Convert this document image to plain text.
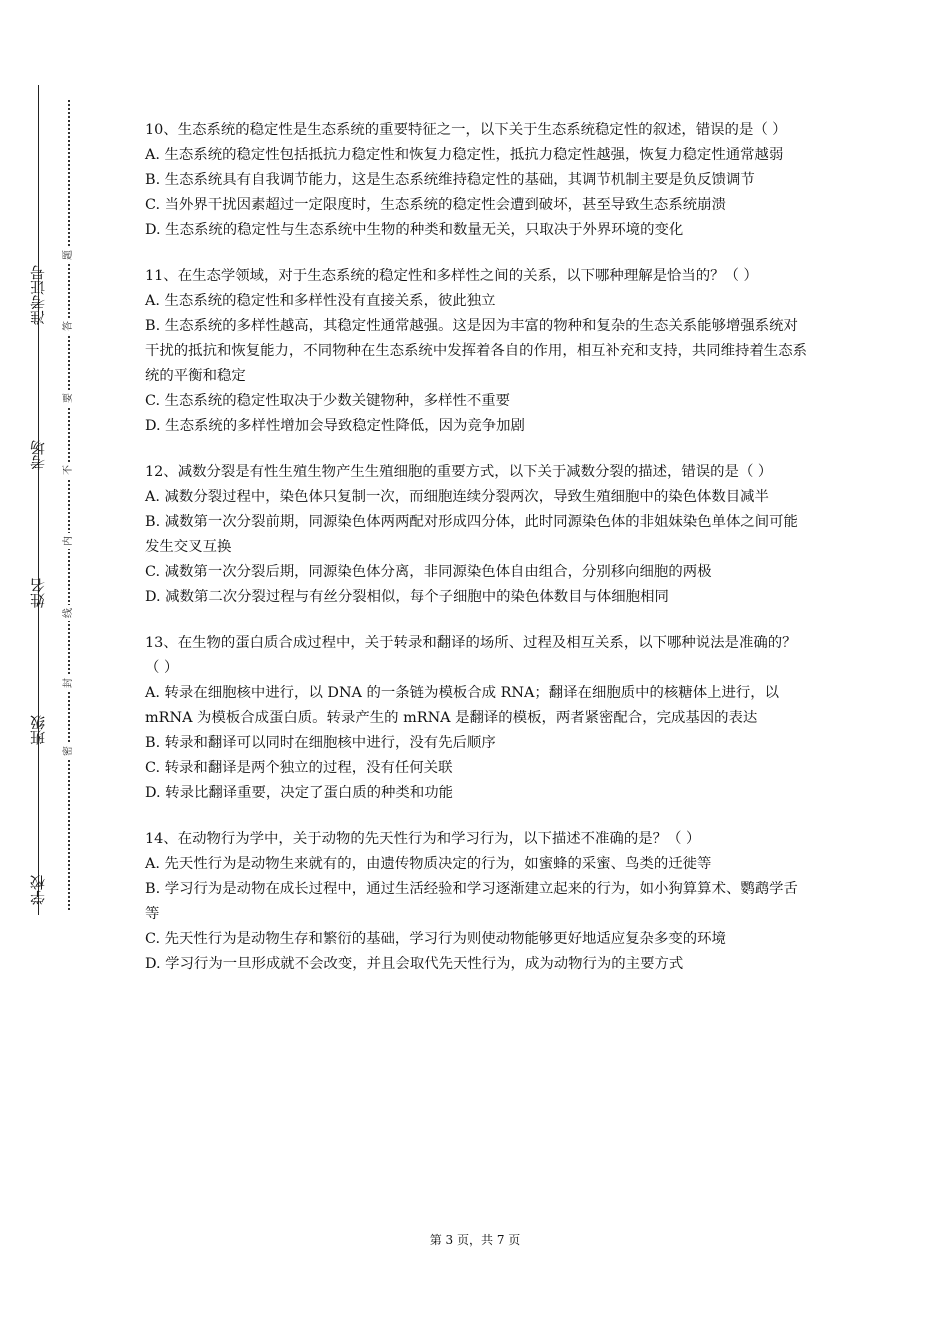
学校
班级
姓名
考场
准考证号
密
封
线
内
不
要
答
题

10、生态系统的稳定性是生态系统的重要特征之一，以下关于生态系统稳定性的叙述，错误的是（ ）

A. 生态系统的稳定性包括抵抗力稳定性和恢复力稳定性，抵抗力稳定性越强，恢复力稳定性通常越弱

B. 生态系统具有自我调节能力，这是生态系统维持稳定性的基础，其调节机制主要是负反馈调节

C. 当外界干扰因素超过一定限度时，生态系统的稳定性会遭到破坏，甚至导致生态系统崩溃

D. 生态系统的稳定性与生态系统中生物的种类和数量无关，只取决于外界环境的变化

11、在生态学领域，对于生态系统的稳定性和多样性之间的关系，以下哪种理解是恰当的？（ ）

A. 生态系统的稳定性和多样性没有直接关系，彼此独立

B. 生态系统的多样性越高，其稳定性通常越强。这是因为丰富的物种和复杂的生态关系能够增强系统对干扰的抵抗和恢复能力，不同物种在生态系统中发挥着各自的作用，相互补充和支持，共同维持着生态系统的平衡和稳定

C. 生态系统的稳定性取决于少数关键物种，多样性不重要

D. 生态系统的多样性增加会导致稳定性降低，因为竞争加剧

12、减数分裂是有性生殖生物产生生殖细胞的重要方式，以下关于减数分裂的描述，错误的是（ ）

A. 减数分裂过程中，染色体只复制一次，而细胞连续分裂两次，导致生殖细胞中的染色体数目减半

B. 减数第一次分裂前期，同源染色体两两配对形成四分体，此时同源染色体的非姐妹染色单体之间可能发生交叉互换

C. 减数第一次分裂后期，同源染色体分离，非同源染色体自由组合，分别移向细胞的两极

D. 减数第二次分裂过程与有丝分裂相似，每个子细胞中的染色体数目与体细胞相同

13、在生物的蛋白质合成过程中，关于转录和翻译的场所、过程及相互关系，以下哪种说法是准确的？（ ）

A. 转录在细胞核中进行，以 DNA 的一条链为模板合成 RNA；翻译在细胞质中的核糖体上进行，以 mRNA 为模板合成蛋白质。转录产生的 mRNA 是翻译的模板，两者紧密配合，完成基因的表达

B. 转录和翻译可以同时在细胞核中进行，没有先后顺序

C. 转录和翻译是两个独立的过程，没有任何关联

D. 转录比翻译重要，决定了蛋白质的种类和功能

14、在动物行为学中，关于动物的先天性行为和学习行为，以下描述不准确的是？（ ）

A. 先天性行为是动物生来就有的，由遗传物质决定的行为，如蜜蜂的采蜜、鸟类的迁徙等

B. 学习行为是动物在成长过程中，通过生活经验和学习逐渐建立起来的行为，如小狗算算术、鹦鹉学舌等

C. 先天性行为是动物生存和繁衍的基础，学习行为则使动物能够更好地适应复杂多变的环境

D. 学习行为一旦形成就不会改变，并且会取代先天性行为，成为动物行为的主要方式

第 3 页，共 7 页
